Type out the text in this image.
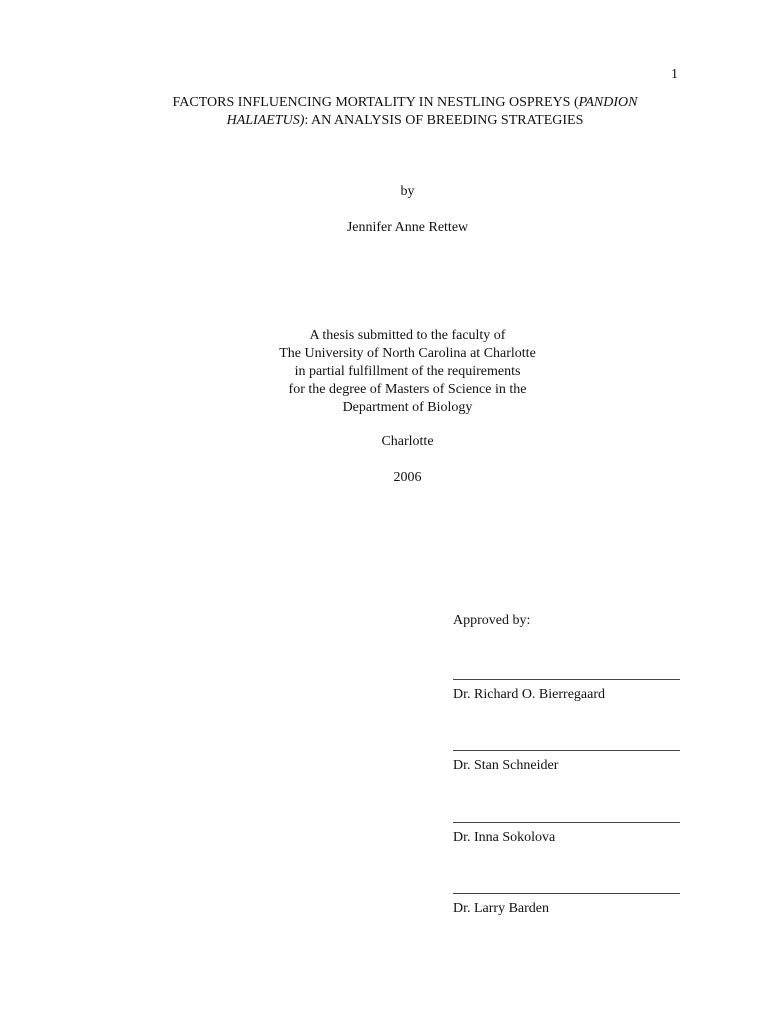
1
FACTORS INFLUENCING MORTALITY IN NESTLING OSPREYS (PANDION
HALIAETUS): AN ANALYSIS OF BREEDING STRATEGIES
by
Jennifer Anne Rettew
A thesis submitted to the faculty of
The University of North Carolina at Charlotte
in partial fulfillment of the requirements
for the degree of Masters of Science in the
Department of Biology
Charlotte
2006
Approved by:
Dr. Richard O. Bierregaard
Dr. Stan Schneider
Dr. Inna Sokolova
Dr. Larry Barden
